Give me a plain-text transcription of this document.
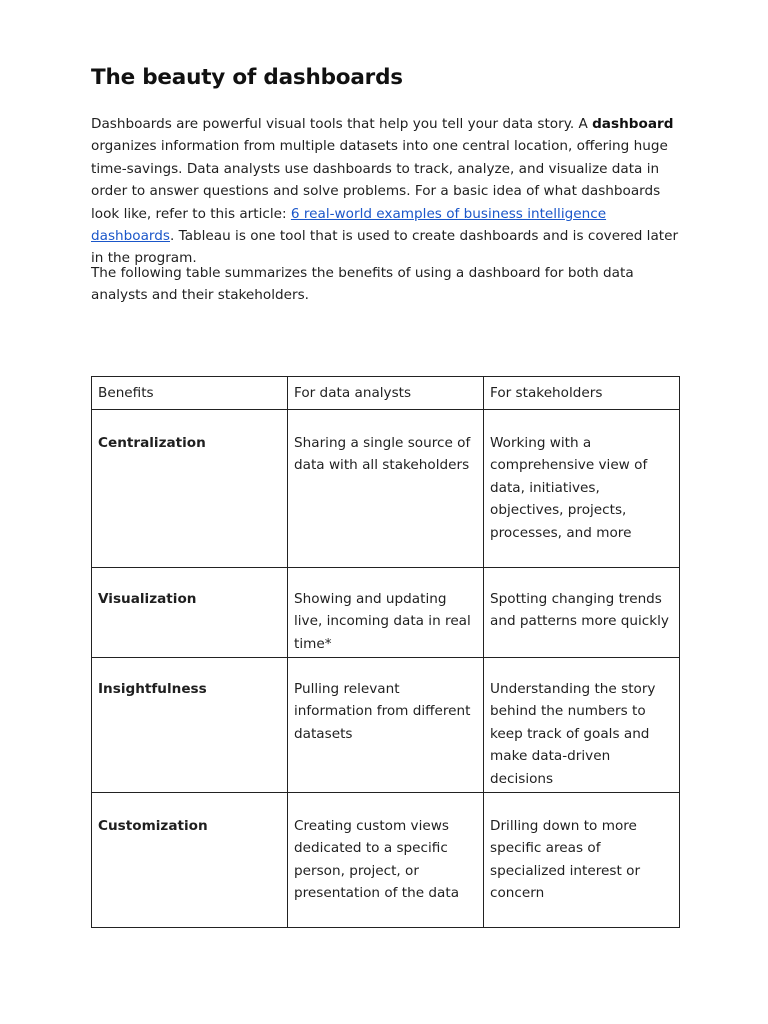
The beauty of dashboards

Dashboards are powerful visual tools that help you tell your data story. A dashboard organizes information from multiple datasets into one central location, offering huge time-savings. Data analysts use dashboards to track, analyze, and visualize data in order to answer questions and solve problems. For a basic idea of what dashboards look like, refer to this article: 6 real-world examples of business intelligence dashboards. Tableau is one tool that is used to create dashboards and is covered later in the program.

The following table summarizes the benefits of using a dashboard for both data analysts and their stakeholders.

Benefits	For data analysts	For stakeholders
Centralization	Sharing a single source of data with all stakeholders	Working with a comprehensive view of data, initiatives, objectives, projects, processes, and more
Visualization	Showing and updating live, incoming data in real time*	Spotting changing trends and patterns more quickly
Insightfulness	Pulling relevant information from different datasets	Understanding the story behind the numbers to keep track of goals and make data-driven decisions
Customization	Creating custom views dedicated to a specific person, project, or presentation of the data	Drilling down to more specific areas of specialized interest or concern
